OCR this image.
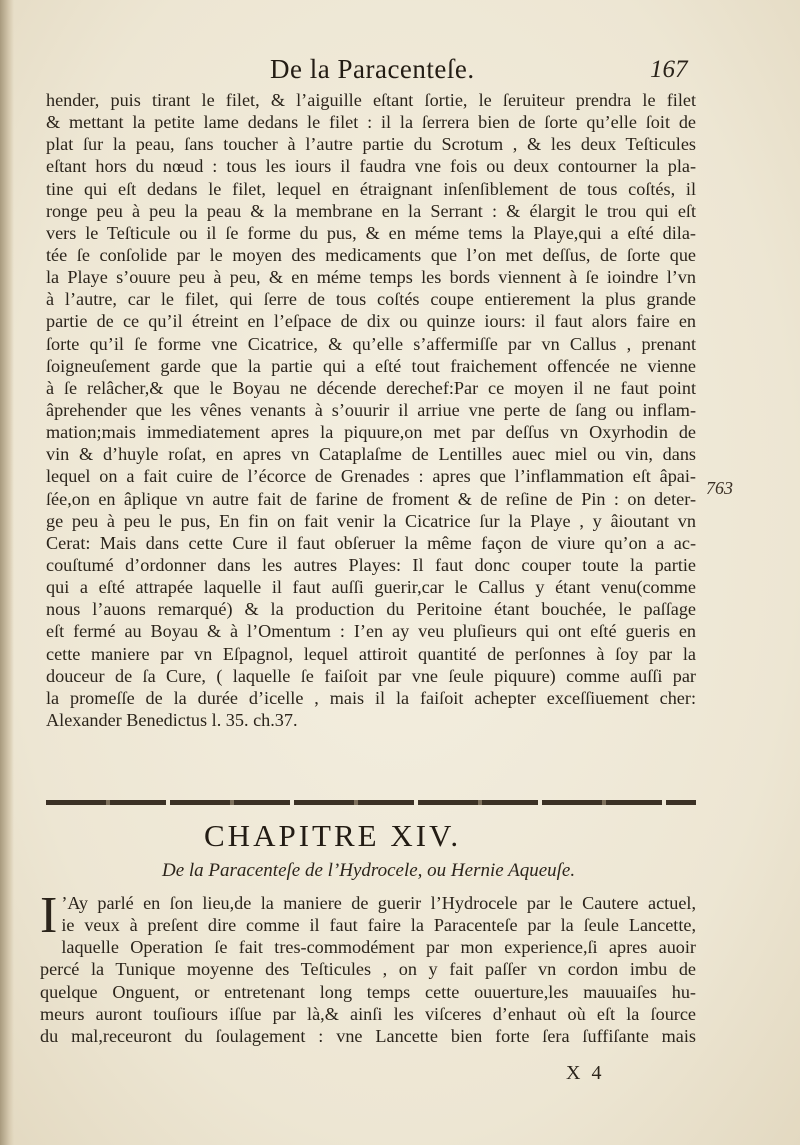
De la Paracenteſe.	167
hender, puis tirant le filet, & l’aiguille eſtant ſortie, le ſeruiteur prendra le filet
& mettant la petite lame dedans le filet : il la ſerrera bien de ſorte qu’elle ſoit de
plat ſur la peau, ſans toucher à l’autre partie du Scrotum , & les deux Teſticules
eſtant hors du nœud : tous les iours il faudra vne fois ou deux contourner la pla-
tine qui eſt dedans le filet, lequel en étraignant inſenſiblement de tous coſtés, il
ronge peu à peu la peau & la membrane en la Serrant : & élargit le trou qui eſt
vers le Teſticule ou il ſe forme du pus, & en méme tems la Playe,qui a eſté dila-
tée ſe conſolide par le moyen des medicaments que l’on met deſſus, de ſorte que
la Playe s’ouure peu à peu, & en méme temps les bords viennent à ſe ioindre l’vn
à l’autre, car le filet, qui ſerre de tous coſtés coupe entierement la plus grande
partie de ce qu’il étreint en l’eſpace de dix ou quinze iours: il faut alors faire en
ſorte qu’il ſe forme vne Cicatrice, & qu’elle s’affermiſſe par vn Callus , prenant
ſoigneuſement garde que la partie qui a eſté tout fraichement offencée ne vienne
à ſe relâcher,& que le Boyau ne décende derechef:Par ce moyen il ne faut point
âprehender que les vênes venants à s’ouurir il arriue vne perte de ſang ou inflam-
mation;mais immediatement apres la piquure,on met par deſſus vn Oxyrhodin de
vin & d’huyle roſat, en apres vn Cataplaſme de Lentilles auec miel ou vin, dans
lequel on a fait cuire de l’écorce de Grenades : apres que l’inflammation eſt âpai-
ſée,on en âplique vn autre fait de farine de froment & de reſine de Pin : on deter-
ge peu à peu le pus, En fin on fait venir la Cicatrice ſur la Playe , y âioutant vn
Cerat: Mais dans cette Cure il faut obſeruer la même façon de viure qu’on a ac-
couſtumé d’ordonner dans les autres Playes: Il faut donc couper toute la partie
qui a eſté attrapée laquelle il faut auſſi guerir,car le Callus y étant venu(comme
nous l’auons remarqué) & la production du Peritoine étant bouchée, le paſſage
eſt fermé au Boyau & à l’Omentum : I’en ay veu pluſieurs qui ont eſté gueris en
cette maniere par vn Eſpagnol, lequel attiroit quantité de perſonnes à ſoy par la
douceur de ſa Cure, ( laquelle ſe faiſoit par vne ſeule piquure) comme auſſi par
la promeſſe de la durée d’icelle , mais il la faiſoit achepter exceſſiuement cher:
Alexander Benedictus l. 35. ch.37.
763
CHAPITRE XIV.
De la Paracenteſe de l’Hydrocele, ou Hernie Aqueuſe.
I ’Ay parlé en ſon lieu,de la maniere de guerir l’Hydrocele par le Cautere actuel,
ie veux à preſent dire comme il faut faire la Paracenteſe par la ſeule Lancette,
laquelle Operation ſe fait tres-commodément par mon experience,ſi apres auoir
percé la Tunique moyenne des Teſticules , on y fait paſſer vn cordon imbu de
quelque Onguent, or entretenant long temps cette ouuerture,les mauuaiſes hu-
meurs auront touſiours iſſue par là,& ainſi les viſceres d’enhaut où eſt la ſource
du mal,receuront du ſoulagement : vne Lancette bien forte ſera ſuffiſante mais
X 4
